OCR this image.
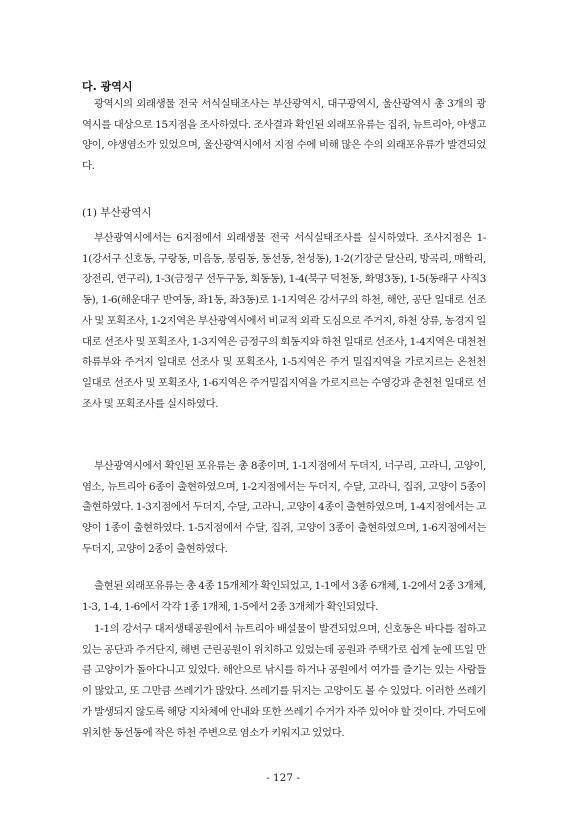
다. 광역시

광역시의 외래생물 전국 서식실태조사는 부산광역시, 대구광역시, 울산광역시 총 3개의 광역시를 대상으로 15지점을 조사하였다. 조사결과 확인된 외래포유류는 집쥐, 뉴트리아, 야생고양이, 야생염소가 있었으며, 울산광역시에서 지점 수에 비해 많은 수의 외래포유류가 발견되었다.

(1) 부산광역시

부산광역시에서는 6지점에서 외래생물 전국 서식실태조사를 실시하였다. 조사지점은 1-1(강서구 신호동, 구랑동, 미음동, 봉림동, 동선동, 천성동), 1-2(기장군 달산리, 방곡리, 매학리, 장전리, 연구리), 1-3(금정구 선두구동, 회동동), 1-4(북구 덕천동, 화명3동), 1-5(동래구 사직3동), 1-6(해운대구 반여동, 좌1동, 좌3동)로 1-1지역은 강서구의 하천, 해안, 공단 일대로 선조사 및 포획조사, 1-2지역은 부산광역시에서 비교적 외곽 도심으로 주거지, 하천 상류, 농경지 일대로 선조사 및 포획조사, 1-3지역은 금정구의 회동지와 하천 일대로 선조사, 1-4지역은 대천천 하류부와 주거지 일대로 선조사 및 포획조사, 1-5지역은 주거 밀집지역을 가로지르는 온천천 일대로 선조사 및 포획조사, 1-6지역은 주거밀집지역을 가로지르는 수영강과 춘천천 일대로 선조사 및 포획조사를 실시하였다.

부산광역시에서 확인된 포유류는 총 8종이며, 1-1지점에서 두더지, 너구리, 고라니, 고양이, 염소, 뉴트리아 6종이 출현하였으며, 1-2지점에서는 두더지, 수달, 고라니, 집쥐, 고양이 5종이 출현하였다. 1-3지점에서 두더지, 수달, 고라니, 고양이 4종이 출현하였으며, 1-4지점에서는 고양이 1종이 출현하였다. 1-5지점에서 수달, 집쥐, 고양이 3종이 출현하였으며, 1-6지점에서는 두더지, 고양이 2종이 출현하였다.

출현된 외래포유류는 총 4종 15개체가 확인되었고, 1-1에서 3종 6개체, 1-2에서 2종 3개체, 1-3, 1-4, 1-6에서 각각 1종 1개체, 1-5에서 2종 3개체가 확인되었다.

1-1의 강서구 대저생태공원에서 뉴트리아 배설물이 발견되었으며, 신호동은 바다를 접하고 있는 공단과 주거단지, 해변 근린공원이 위치하고 있었는데 공원과 주택가로 쉽게 눈에 뜨일 만큼 고양이가 돌아다니고 있었다. 해안으로 낚시를 하거나 공원에서 여가를 즐기는 있는 사람들이 많았고, 또 그만큼 쓰레기가 많았다. 쓰레기를 뒤지는 고양이도 볼 수 있었다. 이러한 쓰레기가 발생되지 않도록 해당 지차체에 안내와 또한 쓰레기 수거가 자주 있어야 할 것이다. 가덕도에 위치한 동선동에 작은 하천 주변으로 염소가 키워지고 있었다.

- 127 -
